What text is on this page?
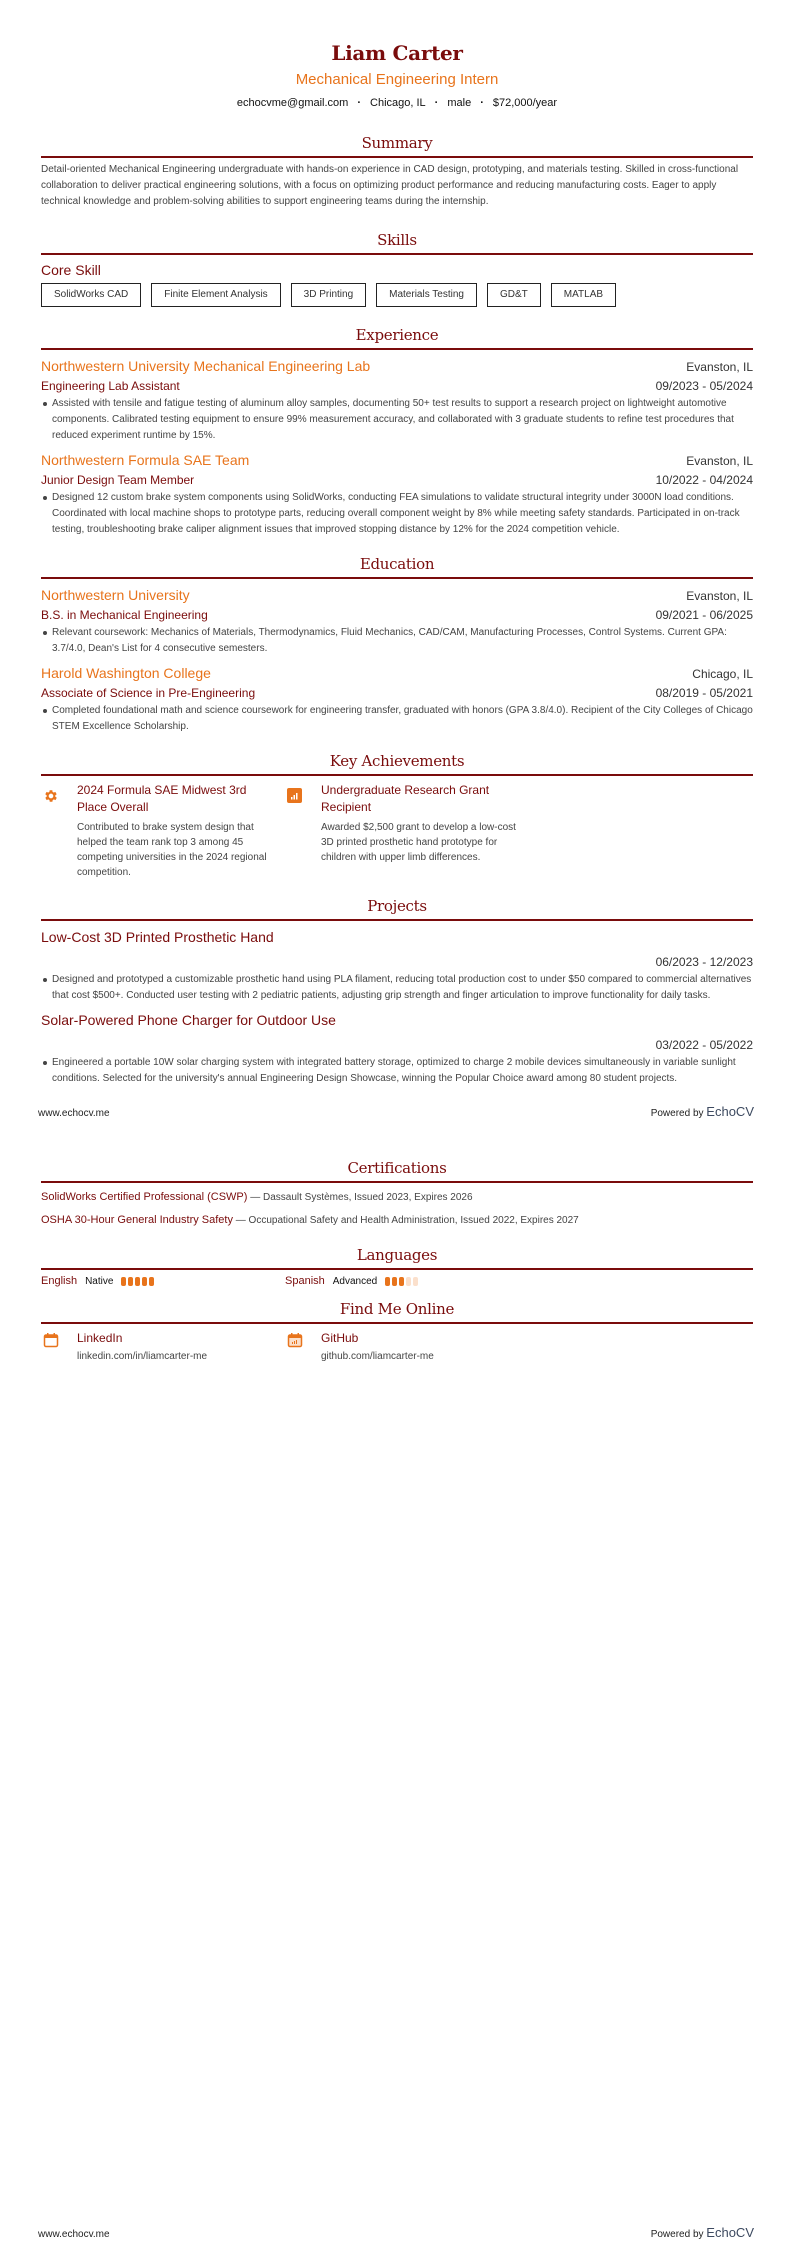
Liam Carter
Mechanical Engineering Intern
echocvme@gmail.com · Chicago, IL · male · $72,000/year
Summary
Detail-oriented Mechanical Engineering undergraduate with hands-on experience in CAD design, prototyping, and materials testing. Skilled in cross-functional collaboration to deliver practical engineering solutions, with a focus on optimizing product performance and reducing manufacturing costs. Eager to apply technical knowledge and problem-solving abilities to support engineering teams during the internship.
Skills
Core Skill
SolidWorks CAD	Finite Element Analysis	3D Printing	Materials Testing	GD&T	MATLAB
Experience
Northwestern University Mechanical Engineering Lab	Evanston, IL
Engineering Lab Assistant	09/2023 - 05/2024
Assisted with tensile and fatigue testing of aluminum alloy samples, documenting 50+ test results to support a research project on lightweight automotive components. Calibrated testing equipment to ensure 99% measurement accuracy, and collaborated with 3 graduate students to refine test procedures that reduced experiment runtime by 15%.
Northwestern Formula SAE Team	Evanston, IL
Junior Design Team Member	10/2022 - 04/2024
Designed 12 custom brake system components using SolidWorks, conducting FEA simulations to validate structural integrity under 3000N load conditions. Coordinated with local machine shops to prototype parts, reducing overall component weight by 8% while meeting safety standards. Participated in on-track testing, troubleshooting brake caliper alignment issues that improved stopping distance by 12% for the 2024 competition vehicle.
Education
Northwestern University	Evanston, IL
B.S. in Mechanical Engineering	09/2021 - 06/2025
Relevant coursework: Mechanics of Materials, Thermodynamics, Fluid Mechanics, CAD/CAM, Manufacturing Processes, Control Systems. Current GPA: 3.7/4.0, Dean's List for 4 consecutive semesters.
Harold Washington College	Chicago, IL
Associate of Science in Pre-Engineering	08/2019 - 05/2021
Completed foundational math and science coursework for engineering transfer, graduated with honors (GPA 3.8/4.0). Recipient of the City Colleges of Chicago STEM Excellence Scholarship.
Key Achievements
2024 Formula SAE Midwest 3rd Place Overall
Contributed to brake system design that helped the team rank top 3 among 45 competing universities in the 2024 regional competition.
Undergraduate Research Grant Recipient
Awarded $2,500 grant to develop a low-cost 3D printed prosthetic hand prototype for children with upper limb differences.
Projects
Low-Cost 3D Printed Prosthetic Hand
06/2023 - 12/2023
Designed and prototyped a customizable prosthetic hand using PLA filament, reducing total production cost to under $50 compared to commercial alternatives that cost $500+. Conducted user testing with 2 pediatric patients, adjusting grip strength and finger articulation to improve functionality for daily tasks.
Solar-Powered Phone Charger for Outdoor Use
03/2022 - 05/2022
Engineered a portable 10W solar charging system with integrated battery storage, optimized to charge 2 mobile devices simultaneously in variable sunlight conditions. Selected for the university's annual Engineering Design Showcase, winning the Popular Choice award among 80 student projects.
www.echocv.me	Powered by EchoCV
Certifications
SolidWorks Certified Professional (CSWP) — Dassault Systèmes, Issued 2023, Expires 2026
OSHA 30-Hour General Industry Safety — Occupational Safety and Health Administration, Issued 2022, Expires 2027
Languages
English Native	Spanish Advanced
Find Me Online
LinkedIn
linkedin.com/in/liamcarter-me
GitHub
github.com/liamcarter-me
www.echocv.me	Powered by EchoCV
